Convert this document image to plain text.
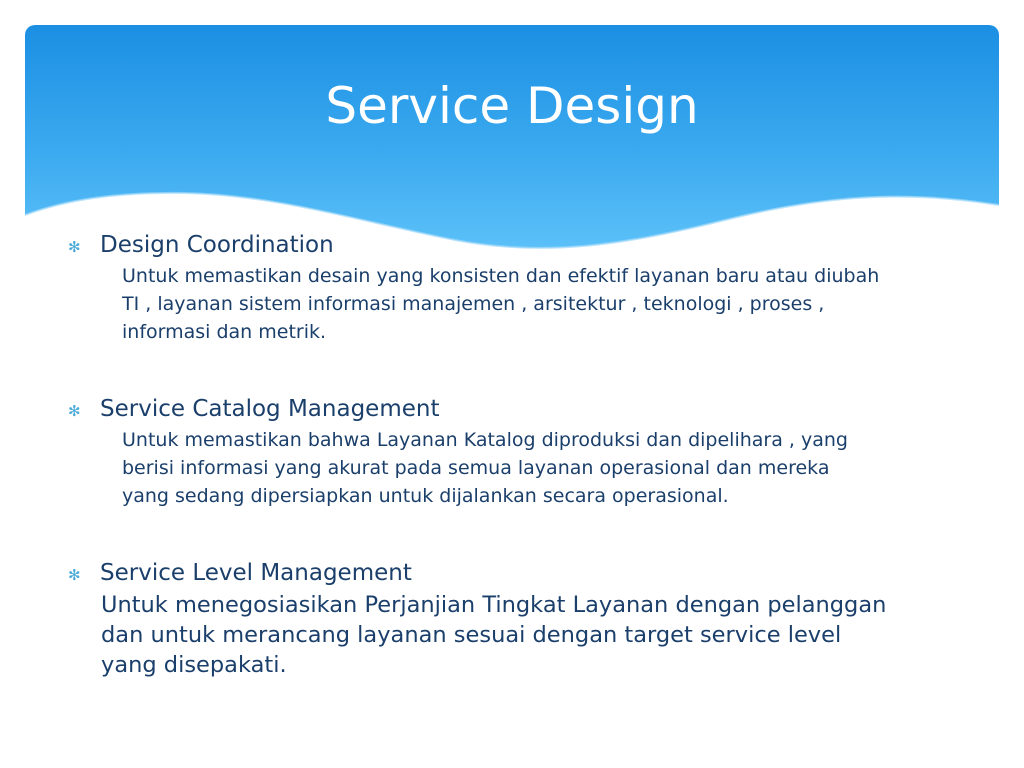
Service Design
✻ Design Coordination
Untuk memastikan desain yang konsisten dan efektif layanan baru atau diubah TI , layanan sistem informasi manajemen , arsitektur , teknologi , proses , informasi dan metrik.
✻ Service Catalog Management
Untuk memastikan bahwa Layanan Katalog diproduksi dan dipelihara , yang berisi informasi yang akurat pada semua layanan operasional dan mereka yang sedang dipersiapkan untuk dijalankan secara operasional.
✻ Service Level Management
Untuk menegosiasikan Perjanjian Tingkat Layanan dengan pelanggan dan untuk merancang layanan sesuai dengan target service level yang disepakati.
